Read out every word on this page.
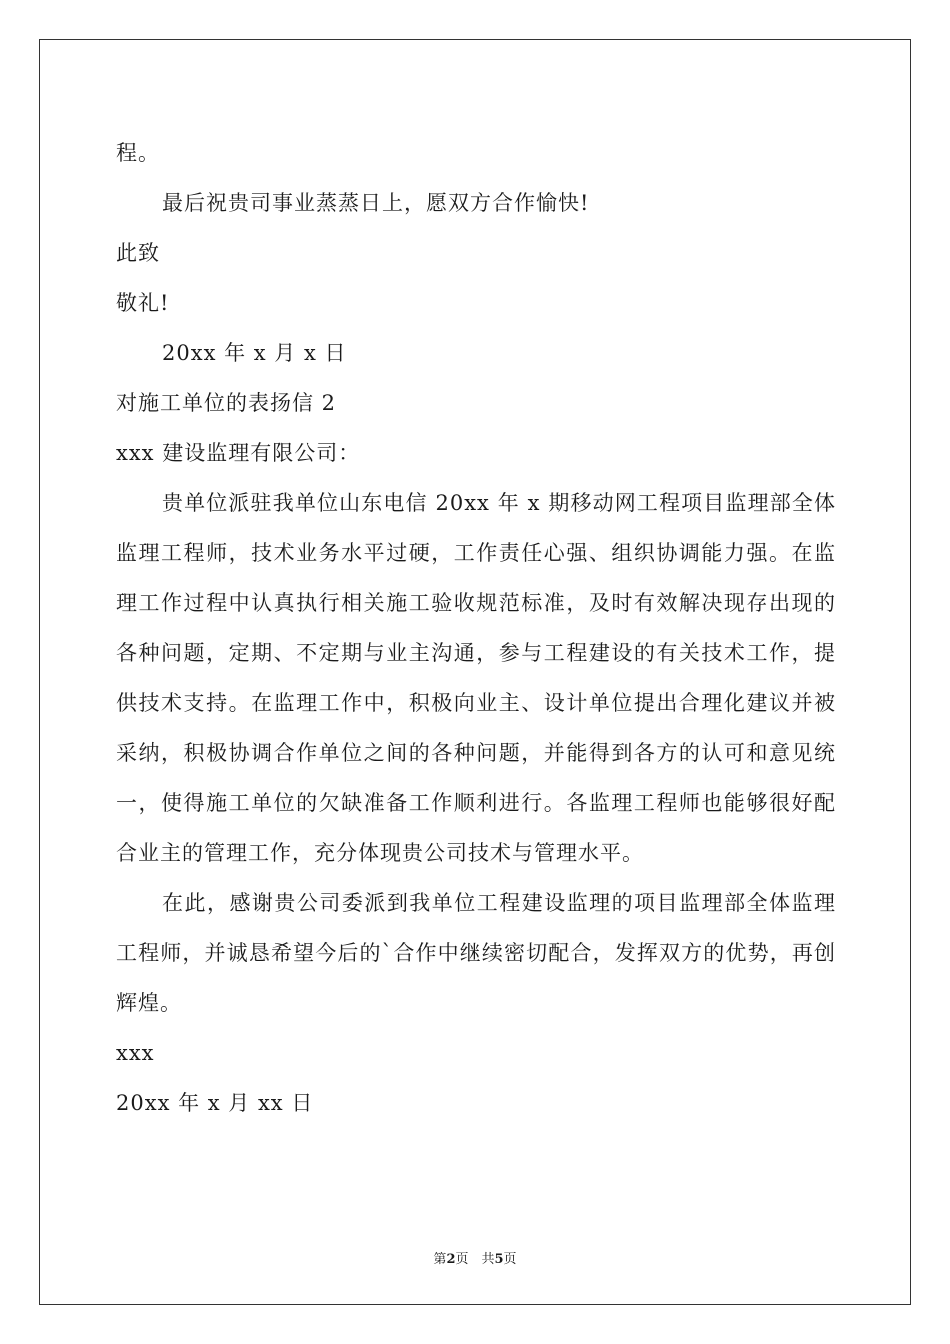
程。
最后祝贵司事业蒸蒸日上，愿双方合作愉快!
此致
敬礼!
20xx 年 x 月 x 日
对施工单位的表扬信 2
xxx 建设监理有限公司：
贵单位派驻我单位山东电信 20xx 年 x 期移动网工程项目监理部全体监理工程师，技术业务水平过硬，工作责任心强、组织协调能力强。在监理工作过程中认真执行相关施工验收规范标准，及时有效解决现存出现的各种问题，定期、不定期与业主沟通，参与工程建设的有关技术工作，提供技术支持。在监理工作中，积极向业主、设计单位提出合理化建议并被采纳，积极协调合作单位之间的各种问题，并能得到各方的认可和意见统一，使得施工单位的欠缺准备工作顺利进行。各监理工程师也能够很好配合业主的管理工作，充分体现贵公司技术与管理水平。
在此，感谢贵公司委派到我单位工程建设监理的项目监理部全体监理工程师，并诚恳希望今后的`合作中继续密切配合，发挥双方的优势，再创辉煌。
xxx
20xx 年 x 月 xx 日
第2页　共5页
